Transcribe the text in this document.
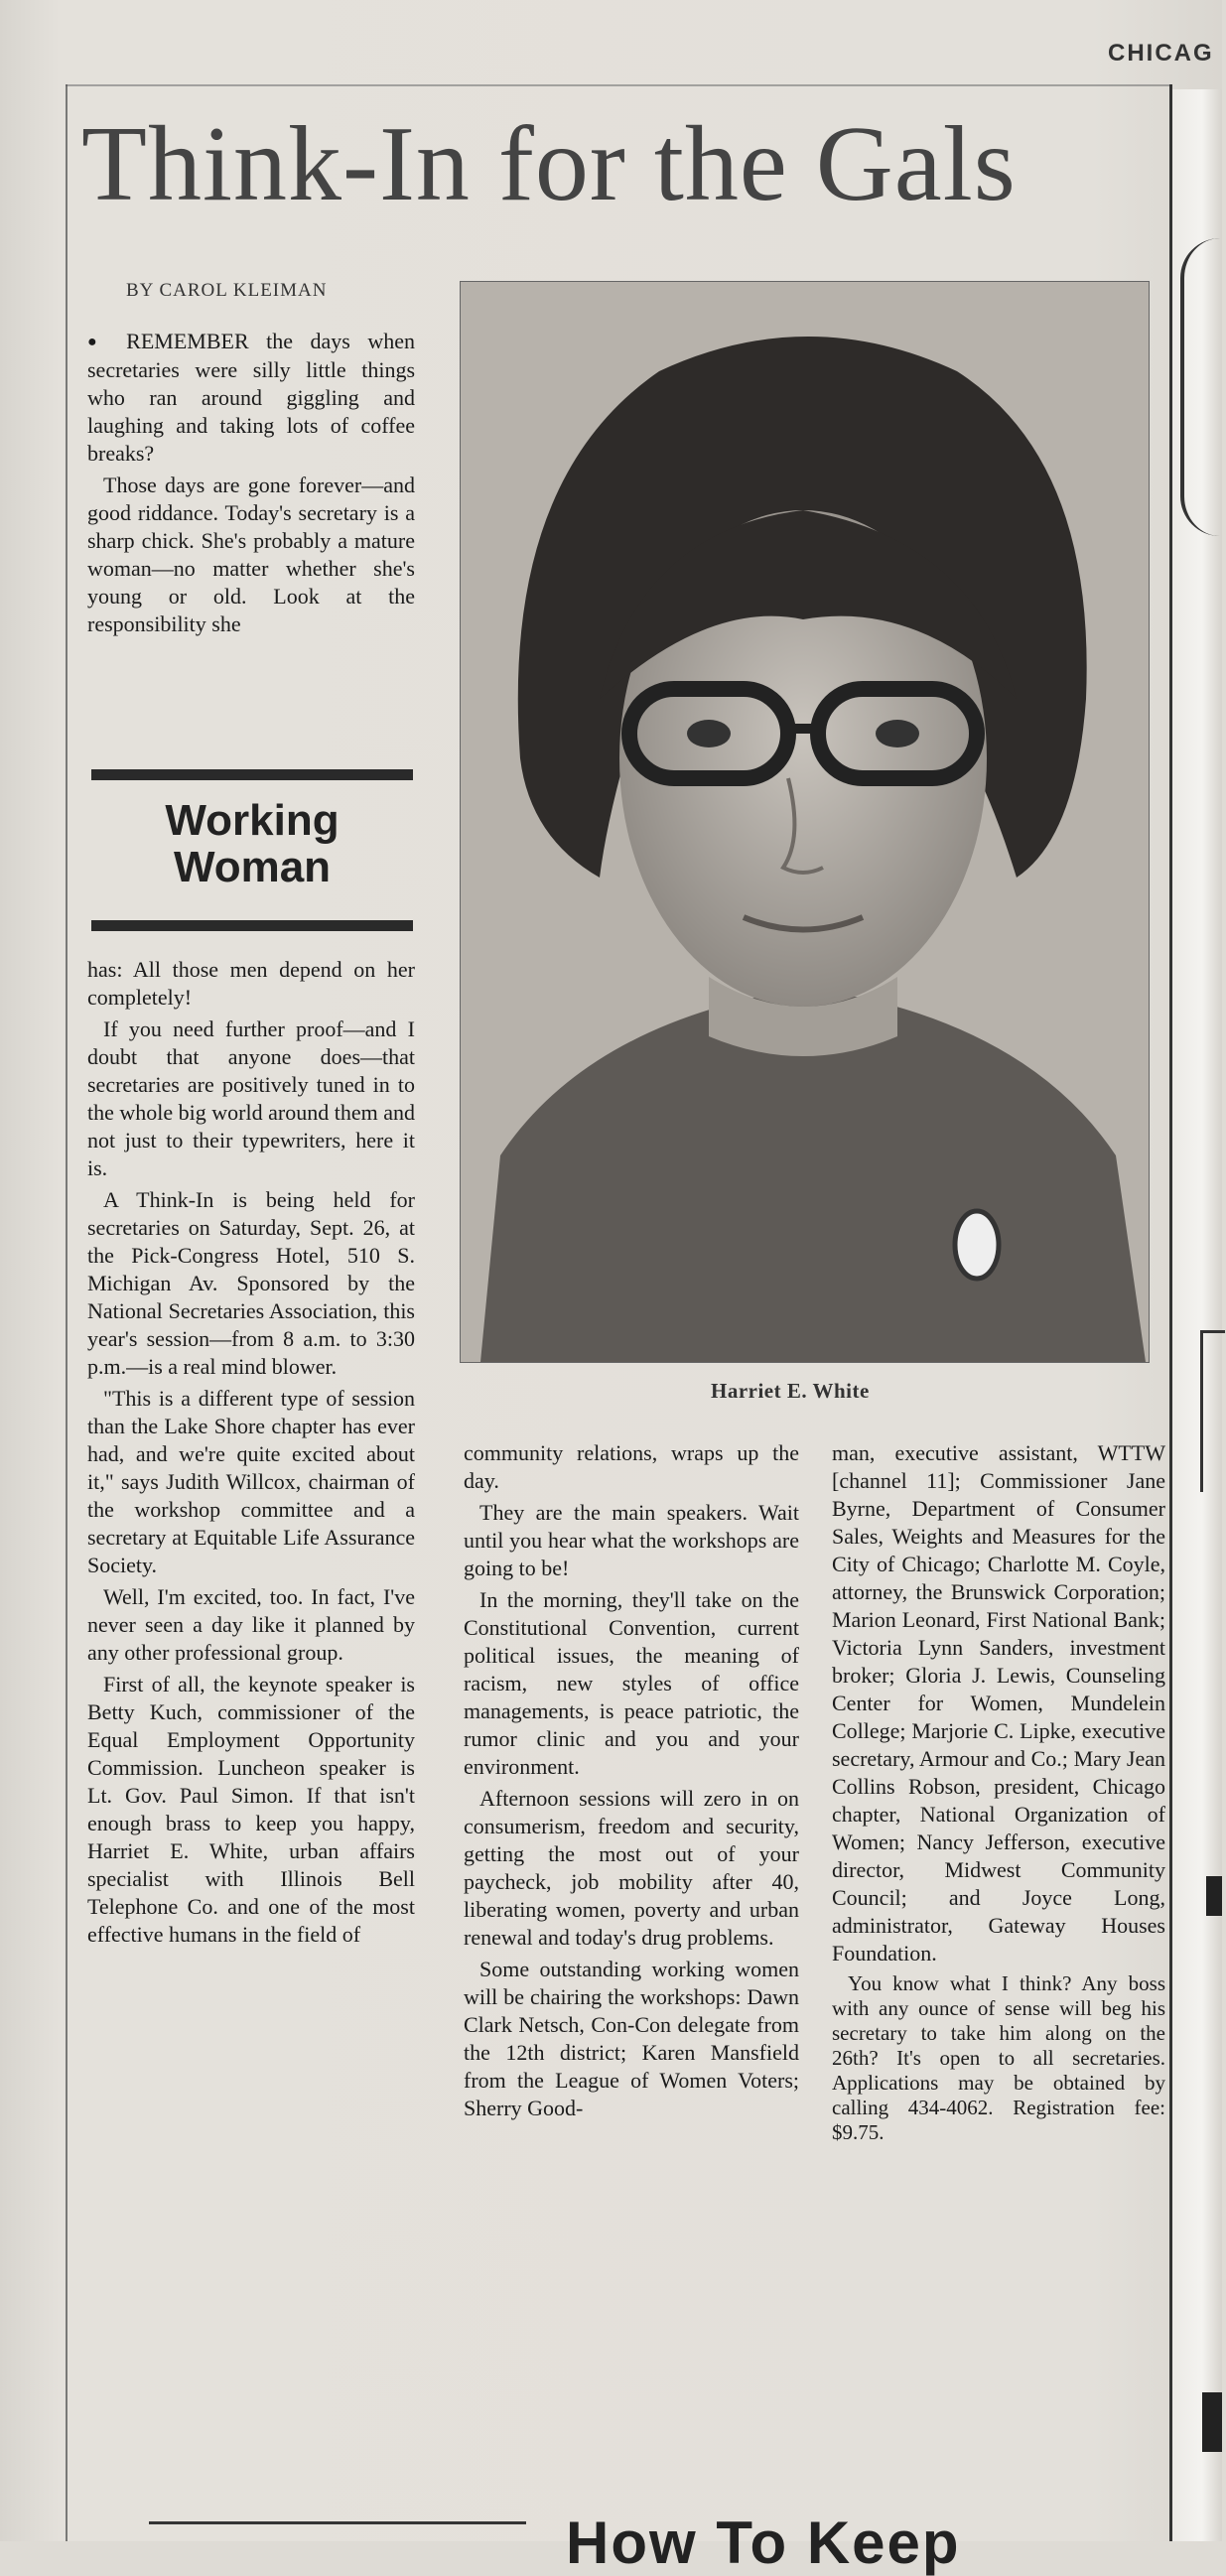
CHICAG
Think-In for the Gals
BY CAROL KLEIMAN

● REMEMBER the days when secretaries were silly little things who ran around giggling and laughing and taking lots of coffee breaks?

Those days are gone forever—and good riddance. Today's secretary is a sharp chick. She's probably a mature woman—no matter whether she's young or old. Look at the responsibility she

Working
Woman

has: All those men depend on her completely!

If you need further proof—and I doubt that anyone does—that secretaries are positively tuned in to the whole big world around them and not just to their typewriters, here it is.

A Think-In is being held for secretaries on Saturday, Sept. 26, at the Pick-Congress Hotel, 510 S. Michigan Av. Sponsored by the National Secretaries Association, this year's session—from 8 a.m. to 3:30 p.m.—is a real mind blower.

"This is a different type of session than the Lake Shore chapter has ever had, and we're quite excited about it," says Judith Willcox, chairman of the workshop committee and a secretary at Equitable Life Assurance Society.

Well, I'm excited, too. In fact, I've never seen a day like it planned by any other professional group.

First of all, the keynote speaker is Betty Kuch, commissioner of the Equal Employment Opportunity Commission. Luncheon speaker is Lt. Gov. Paul Simon. If that isn't enough brass to keep you happy, Harriet E. White, urban affairs specialist with Illinois Bell Telephone Co. and one of the most effective humans in the field of

Harriet E. White

community relations, wraps up the day.

They are the main speakers. Wait until you hear what the workshops are going to be!

In the morning, they'll take on the Constitutional Convention, current political issues, the meaning of racism, new styles of office managements, is peace patriotic, the rumor clinic and you and your environment.

Afternoon sessions will zero in on consumerism, freedom and security, getting the most out of your paycheck, job mobility after 40, liberating women, poverty and urban renewal and today's drug problems.

Some outstanding working women will be chairing the workshops: Dawn Clark Netsch, Con-Con delegate from the 12th district; Karen Mansfield from the League of Women Voters; Sherry Good-

man, executive assistant, WTTW [channel 11]; Commissioner Jane Byrne, Department of Consumer Sales, Weights and Measures for the City of Chicago; Charlotte M. Coyle, attorney, the Brunswick Corporation; Marion Leonard, First National Bank; Victoria Lynn Sanders, investment broker; Gloria J. Lewis, Counseling Center for Women, Mundelein College; Marjorie C. Lipke, executive secretary, Armour and Co.; Mary Jean Collins Robson, president, Chicago chapter, National Organization of Women; Nancy Jefferson, executive director, Midwest Community Council; and Joyce Long, administrator, Gateway Houses Foundation.

You know what I think? Any boss with any ounce of sense will beg his secretary to take him along on the 26th? It's open to all secretaries. Applications may be obtained by calling 434-4062. Registration fee: $9.75.

How To Keep
